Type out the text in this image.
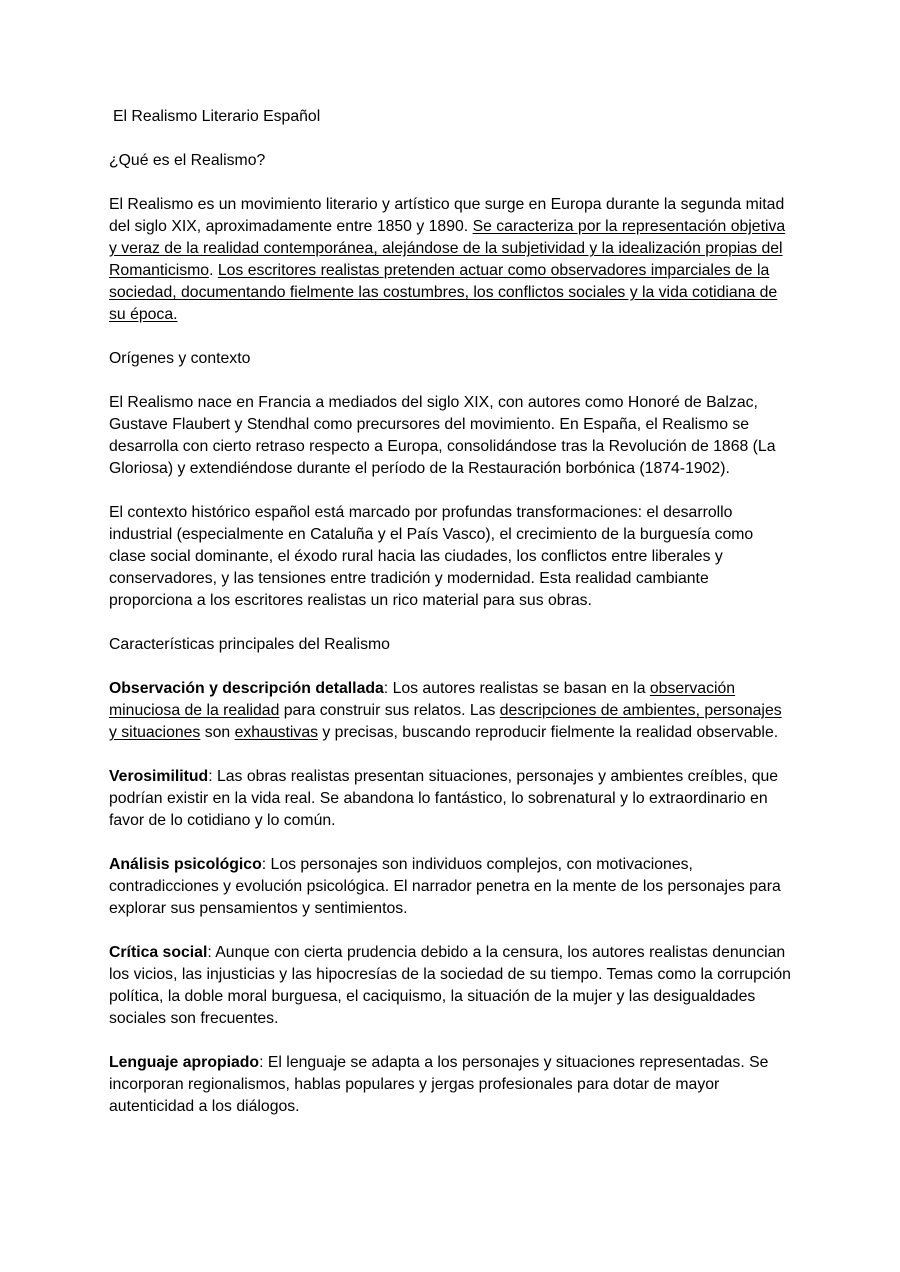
El Realismo Literario Español
¿Qué es el Realismo?
El Realismo es un movimiento literario y artístico que surge en Europa durante la segunda mitad del siglo XIX, aproximadamente entre 1850 y 1890. Se caracteriza por la representación objetiva y veraz de la realidad contemporánea, alejándose de la subjetividad y la idealización propias del Romanticismo. Los escritores realistas pretenden actuar como observadores imparciales de la sociedad, documentando fielmente las costumbres, los conflictos sociales y la vida cotidiana de su época.
Orígenes y contexto
El Realismo nace en Francia a mediados del siglo XIX, con autores como Honoré de Balzac, Gustave Flaubert y Stendhal como precursores del movimiento. En España, el Realismo se desarrolla con cierto retraso respecto a Europa, consolidándose tras la Revolución de 1868 (La Gloriosa) y extendiéndose durante el período de la Restauración borbónica (1874-1902).
El contexto histórico español está marcado por profundas transformaciones: el desarrollo industrial (especialmente en Cataluña y el País Vasco), el crecimiento de la burguesía como clase social dominante, el éxodo rural hacia las ciudades, los conflictos entre liberales y conservadores, y las tensiones entre tradición y modernidad. Esta realidad cambiante proporciona a los escritores realistas un rico material para sus obras.
Características principales del Realismo
Observación y descripción detallada: Los autores realistas se basan en la observación minuciosa de la realidad para construir sus relatos. Las descripciones de ambientes, personajes y situaciones son exhaustivas y precisas, buscando reproducir fielmente la realidad observable.
Verosimilitud: Las obras realistas presentan situaciones, personajes y ambientes creíbles, que podrían existir en la vida real. Se abandona lo fantástico, lo sobrenatural y lo extraordinario en favor de lo cotidiano y lo común.
Análisis psicológico: Los personajes son individuos complejos, con motivaciones, contradicciones y evolución psicológica. El narrador penetra en la mente de los personajes para explorar sus pensamientos y sentimientos.
Crítica social: Aunque con cierta prudencia debido a la censura, los autores realistas denuncian los vicios, las injusticias y las hipocresías de la sociedad de su tiempo. Temas como la corrupción política, la doble moral burguesa, el caciquismo, la situación de la mujer y las desigualdades sociales son frecuentes.
Lenguaje apropiado: El lenguaje se adapta a los personajes y situaciones representadas. Se incorporan regionalismos, hablas populares y jergas profesionales para dotar de mayor autenticidad a los diálogos.
